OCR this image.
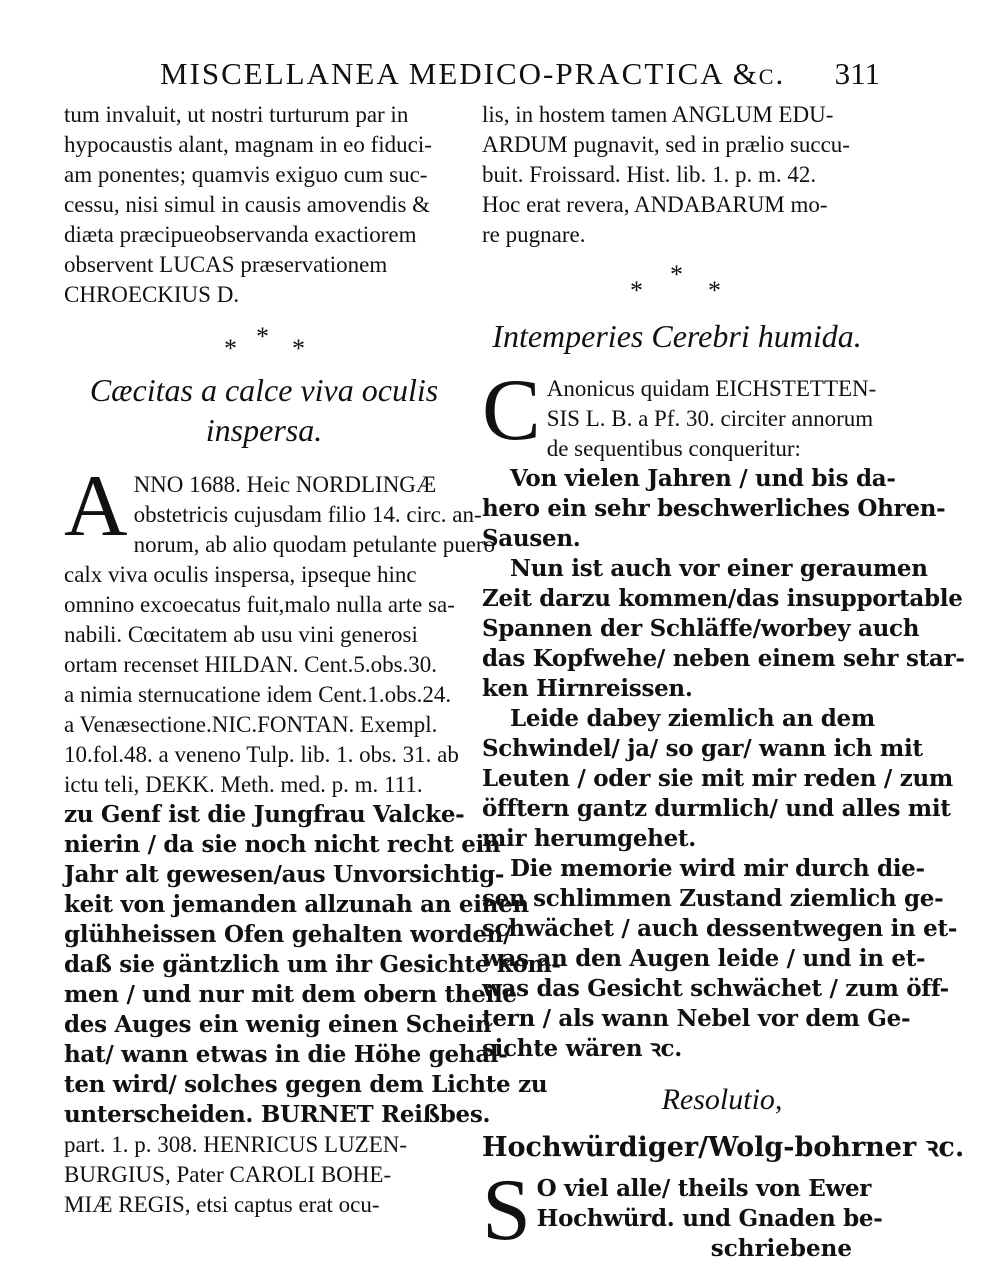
MISCELLANEA MEDICO-PRACTICA &c. 311
tum invaluit, ut nostri turturum par in
hypocaustis alant, magnam in eo fiduci-
am ponentes; quamvis exiguo cum suc-
cessu, nisi simul in causis amovendis &
diæta præcipueobservanda exactiorem
observent LUCAS præservationem
CHROECKIUS D.
* * *
Cæcitas a calce viva oculis
inspersa.
A NNO 1688. Heic NORDLINGÆ
obstetricis cujusdam filio 14. circ. an-
norum, ab alio quodam petulante puero
calx viva oculis inspersa, ipseque hinc
omnino excoecatus fuit,malo nulla arte sa-
nabili. Cœcitatem ab usu vini generosi
ortam recenset HILDAN. Cent.5.obs.30.
a nimia sternucatione idem Cent.1.obs.24.
a Venæsectione.NIC.FONTAN. Exempl.
10.fol.48. a veneno Tulp. lib. 1. obs. 31. ab
ictu teli, DEKK. Meth. med. p. m. 111.
zu Genf ist die Jungfrau Valcke-
nierin / da sie noch nicht recht ein
Jahr alt gewesen/aus Unvorsichtig-
keit von jemanden allzunah an einen
glühheissen Ofen gehalten worden/
daß sie gäntzlich um ihr Gesichte kom-
men / und nur mit dem obern theile
des Auges ein wenig einen Schein
hat/ wann etwas in die Höhe gehal-
ten wird/ solches gegen dem Lichte zu
unterscheiden. BURNET Reißbes.
part. 1. p. 308. HENRICUS LUZEN-
BURGIUS, Pater CAROLI BOHE-
MIÆ REGIS, etsi captus erat ocu-
lis, in hostem tamen ANGLUM EDU-
ARDUM pugnavit, sed in prælio succu-
buit. Froissard. Hist. lib. 1. p. m. 42.
Hoc erat revera, ANDABARUM mo-
re pugnare.
*
*
*
Intemperies Cerebri humida.
C Anonicus quidam EICHSTETTEN-
SIS L. B. a Pf. 30. circiter annorum
de sequentibus conqueritur:
Von vielen Jahren / und bis da-
hero ein sehr beschwerliches Ohren-
Sausen.
Nun ist auch vor einer geraumen
Zeit darzu kommen/das insupportable
Spannen der Schläffe/worbey auch
das Kopfwehe/ neben einem sehr star-
ken Hirnreissen.
Leide dabey ziemlich an dem
Schwindel/ ja/ so gar/ wann ich mit
Leuten / oder sie mit mir reden / zum
öfftern gantz durmlich/ und alles mit
mir herumgehet.
Die memorie wird mir durch die-
sen schlimmen Zustand ziemlich ge-
schwächet / auch dessentwegen in et-
was an den Augen leide / und in et-
was das Gesicht schwächet / zum öff-
tern / als wann Nebel vor dem Ge-
sichte wären ꝛc.
Resolutio,
Hochwürdiger/Wolg-bohrner ꝛc.
S O viel alle/ theils von Ewer
Hochwürd. und Gnaden be-
schriebene
